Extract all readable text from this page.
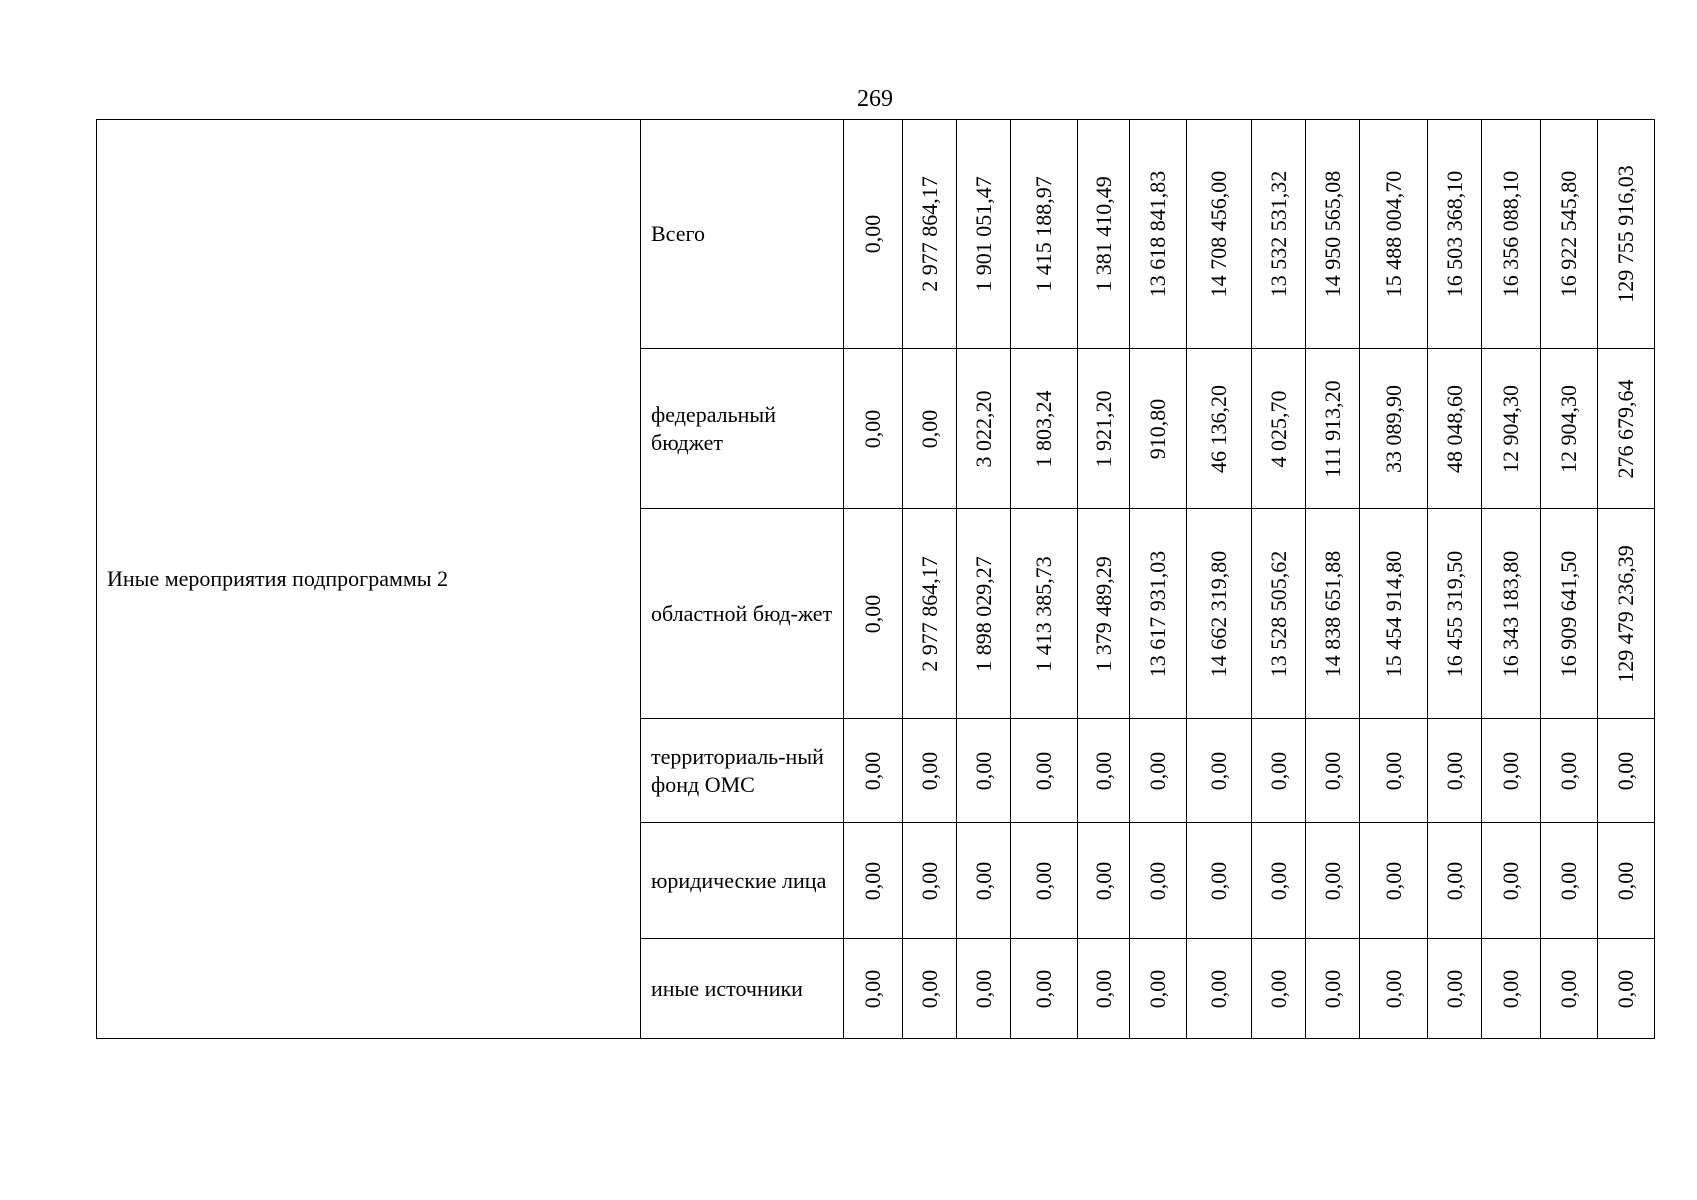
269
Иные мероприятия подпрограммы 2	Всего	0,00	2 977 864,17	1 901 051,47	1 415 188,97	1 381 410,49	13 618 841,83	14 708 456,00	13 532 531,32	14 950 565,08	15 488 004,70	16 503 368,10	16 356 088,10	16 922 545,80	129 755 916,03

	федеральный бюджет	0,00	0,00	3 022,20	1 803,24	1 921,20	910,80	46 136,20	4 025,70	111 913,20	33 089,90	48 048,60	12 904,30	12 904,30	276 679,64

	областной бюд-жет	0,00	2 977 864,17	1 898 029,27	1 413 385,73	1 379 489,29	13 617 931,03	14 662 319,80	13 528 505,62	14 838 651,88	15 454 914,80	16 455 319,50	16 343 183,80	16 909 641,50	129 479 236,39

	территориаль-ный фонд ОМС	0,00	0,00	0,00	0,00	0,00	0,00	0,00	0,00	0,00	0,00	0,00	0,00	0,00	0,00

	юридические лица	0,00	0,00	0,00	0,00	0,00	0,00	0,00	0,00	0,00	0,00	0,00	0,00	0,00	0,00

	иные источники	0,00	0,00	0,00	0,00	0,00	0,00	0,00	0,00	0,00	0,00	0,00	0,00	0,00	0,00
